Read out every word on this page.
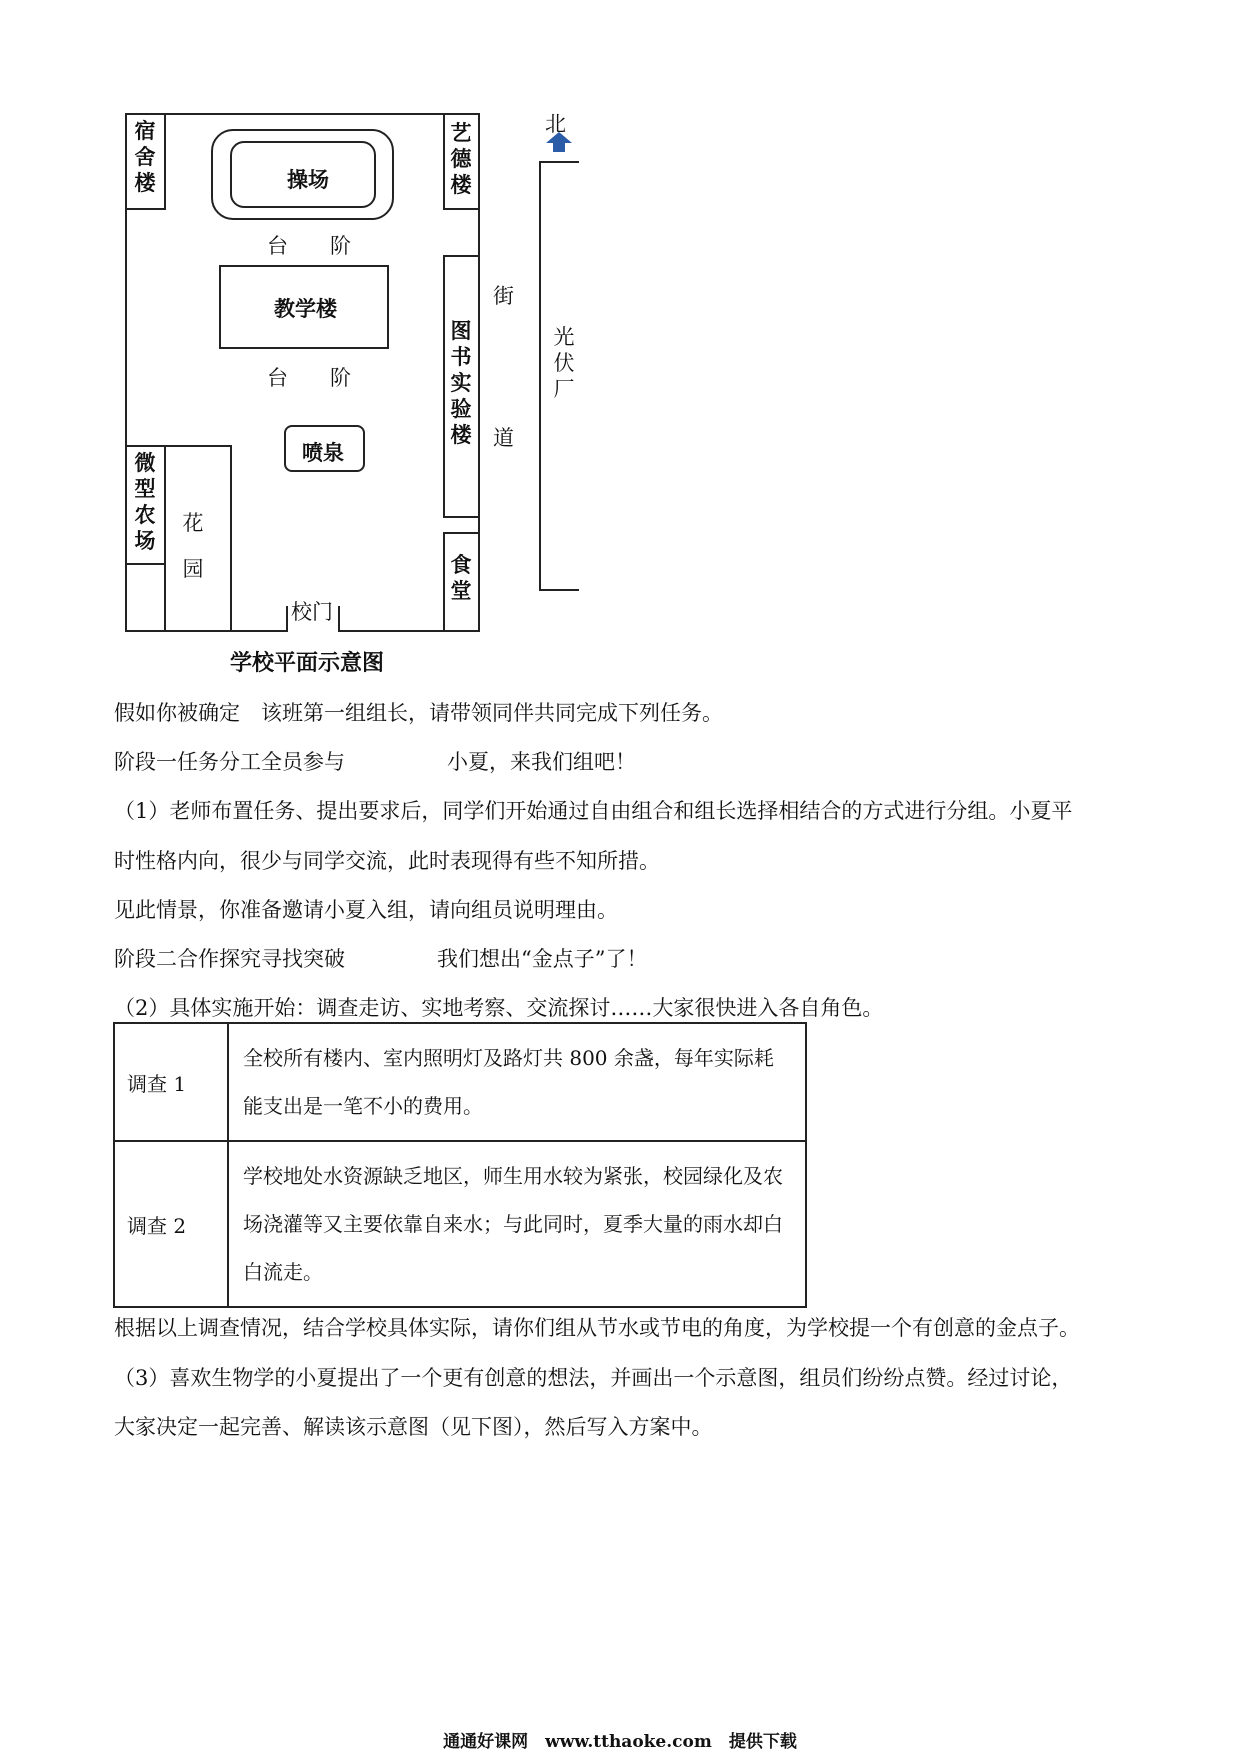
宿舍楼	操场
艺德楼
台　　阶
教学楼
台　　阶
喷泉
图书实验楼
微型农场
花园	食堂
校门
街
道
光伏厂
北
学校平面示意图
假如你被确定　该班第一组组长，请带领同伴共同完成下列任务。
阶段一任务分工全员参与	小夏，来我们组吧！
（1）老师布置任务、提出要求后，同学们开始通过自由组合和组长选择相结合的方式进行分组。小夏平
时性格内向，很少与同学交流，此时表现得有些不知所措。
见此情景，你准备邀请小夏入组，请向组员说明理由。
阶段二合作探究寻找突破	我们想出“金点子”了！
（2）具体实施开始：调查走访、实地考察、交流探讨……大家很快进入各自角色。
调查 1	全校所有楼内、室内照明灯及路灯共 800 余盏，每年实际耗能支出是一笔不小的费用。
调查 2	学校地处水资源缺乏地区，师生用水较为紧张，校园绿化及农场浇灌等又主要依靠自来水；与此同时，夏季大量的雨水却白白流走。
根据以上调查情况，结合学校具体实际，请你们组从节水或节电的角度，为学校提一个有创意的金点子。
（3）喜欢生物学的小夏提出了一个更有创意的想法，并画出一个示意图，组员们纷纷点赞。经过讨论，
大家决定一起完善、解读该示意图（见下图），然后写入方案中。
通通好课网　www.tthaoke.com　提供下载
